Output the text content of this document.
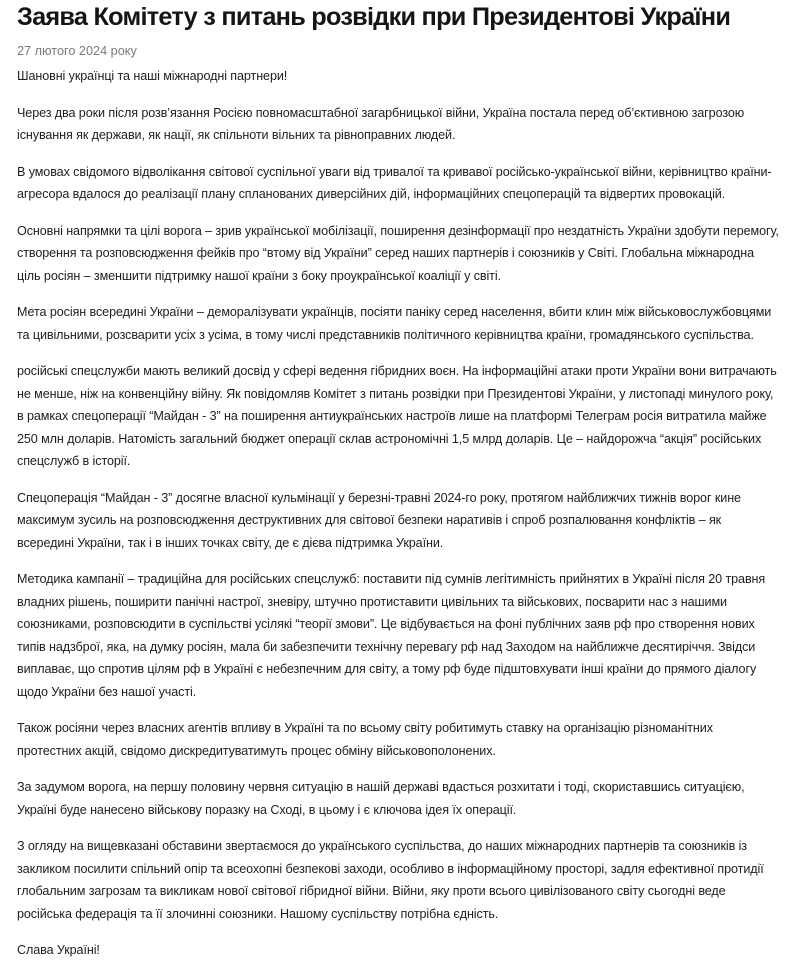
Заява Комітету з питань розвідки при Президентові України
27 лютого 2024 року

Шановні українці та наші міжнародні партнери!

Через два роки після розв’язання Росією повномасштабної загарбницької війни, Україна постала перед об’єктивною загрозою існування як держави, як нації, як спільноти вільних та рівноправних людей.

В умовах свідомого відволікання світової суспільної уваги від тривалої та кривавої російсько-української війни, керівництво країни-агресора вдалося до реалізації плану спланованих диверсійних дій, інформаційних спецоперацій та відвертих провокацій.

Основні напрямки та цілі ворога – зрив української мобілізації, поширення дезінформації про нездатність України здобути перемогу, створення та розповсюдження фейків про “втому від України” серед наших партнерів і союзників у Світі. Глобальна міжнародна ціль росіян – зменшити підтримку нашої країни з боку проукраїнської коаліції у світі.

Мета росіян всередині України – деморалізувати українців, посіяти паніку серед населення, вбити клин між військовослужбовцями та цивільними, розсварити усіх з усіма, в тому числі представників політичного керівництва країни, громадянського суспільства.

російські спецслужби мають великий досвід у сфері ведення гібридних воєн. На інформаційні атаки проти України вони витрачають не менше, ніж на конвенційну війну. Як повідомляв Комітет з питань розвідки при Президентові України, у листопаді минулого року, в рамках спецоперації “Майдан - 3” на поширення антиукраїнських настроїв лише на платформі Телеграм росія витратила майже 250 млн доларів. Натомість загальний бюджет операції склав астрономічні 1,5 млрд доларів. Це – найдорожча “акція” російських спецслужб в історії.

Спецоперація “Майдан - 3” досягне власної кульмінації у березні-травні 2024-го року, протягом найближчих тижнів ворог кине максимум зусиль на розповсюдження деструктивних для світової безпеки наративів і спроб розпалювання конфліктів – як всередині України, так і в інших точках світу, де є дієва підтримка України.

Методика кампанії – традиційна для російських спецслужб: поставити під сумнів легітимність прийнятих в Україні після 20 травня владних рішень, поширити панічні настрої, зневіру, штучно протиставити цивільних та військових, посварити нас з нашими союзниками, розповсюдити в суспільстві усілякі “теорії змови”. Це відбувається на фоні публічних заяв рф про створення нових типів надзброї, яка, на думку росіян, мала би забезпечити технічну перевагу рф над Заходом на найближче десятиріччя. Звідси виплаває, що спротив цілям рф в Україні є небезпечним для світу, а тому рф буде підштовхувати інші країни до прямого діалогу щодо України без нашої участі.

Також росіяни через власних агентів впливу в Україні та по всьому світу робитимуть ставку на організацію різноманітних протестних акцій, свідомо дискредитуватимуть процес обміну військовополонених.

За задумом ворога, на першу половину червня ситуацію в нашій державі вдасться розхитати і тоді, скориставшись ситуацією, Україні буде нанесено військову поразку на Сході, в цьому і є ключова ідея їх операції.

З огляду на вищевказані обставини звертаємося до українського суспільства, до наших міжнародних партнерів та союзників із закликом посилити спільний опір та всеохопні безпекові заходи, особливо в інформаційному просторі, задля ефективної протидії глобальним загрозам та викликам нової світової гібридної війни. Війни, яку проти всього цивілізованого світу сьогодні веде російська федерація та її злочинні союзники. Нашому суспільству потрібна єдність.

Слава Україні!
